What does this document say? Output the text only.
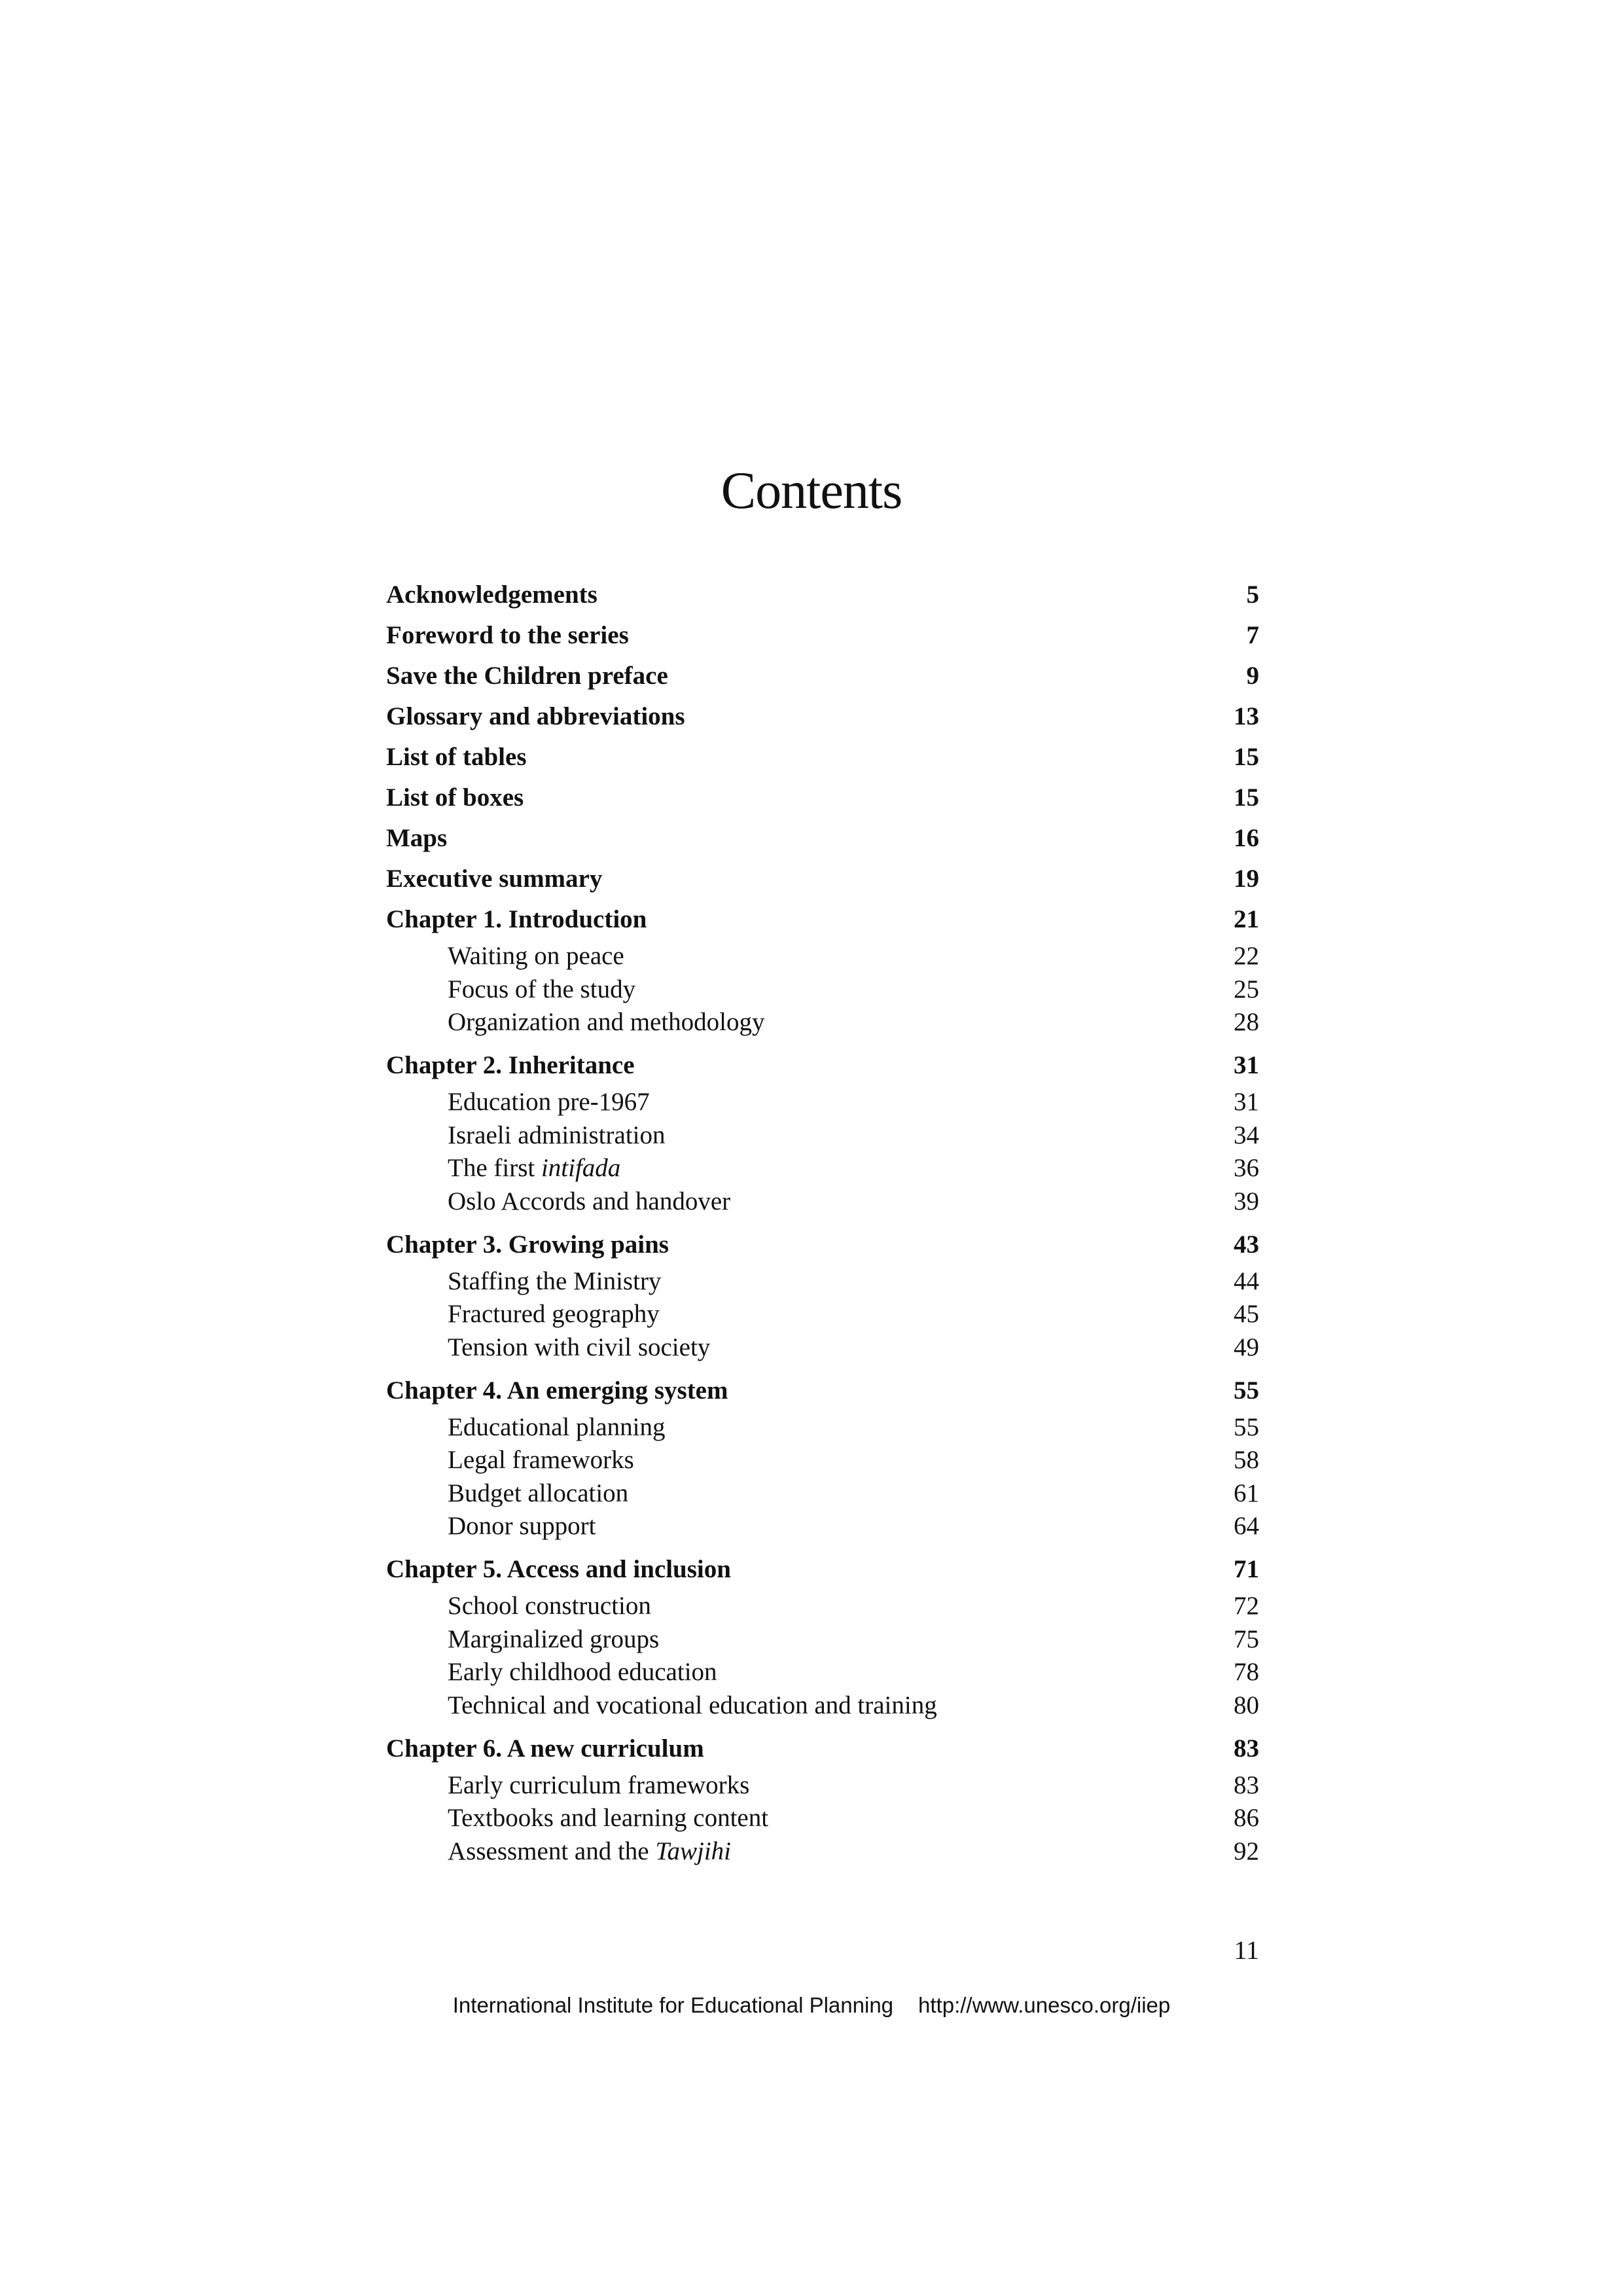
Contents
Acknowledgements	5
Foreword to the series	7
Save the Children preface	9
Glossary and abbreviations	13
List of tables	15
List of boxes	15
Maps	16
Executive summary	19
Chapter 1. Introduction	21
Waiting on peace	22
Focus of the study	25
Organization and methodology	28
Chapter 2. Inheritance	31
Education pre-1967	31
Israeli administration	34
The first intifada	36
Oslo Accords and handover	39
Chapter 3. Growing pains	43
Staffing the Ministry	44
Fractured geography	45
Tension with civil society	49
Chapter 4. An emerging system	55
Educational planning	55
Legal frameworks	58
Budget allocation	61
Donor support	64
Chapter 5. Access and inclusion	71
School construction	72
Marginalized groups	75
Early childhood education	78
Technical and vocational education and training	80
Chapter 6. A new curriculum	83
Early curriculum frameworks	83
Textbooks and learning content	86
Assessment and the Tawjihi	92
11
International Institute for Educational Planning http://www.unesco.org/iiep
